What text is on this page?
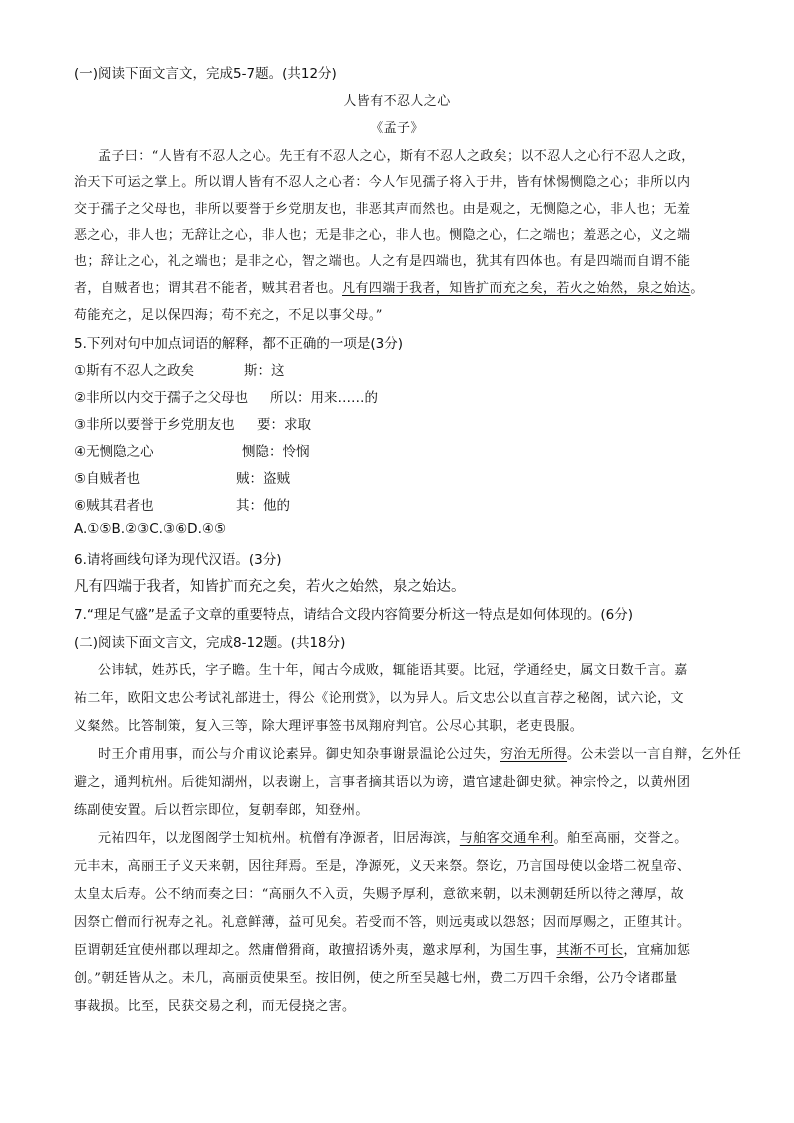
(一)阅读下面文言文，完成5-7题。(共12分)
人皆有不忍人之心
《孟子》
孟子曰：“人皆有不忍人之心。先王有不忍人之心，斯有不忍人之政矣；以不忍人之心行不忍人之政，
治天下可运之掌上。所以谓人皆有不忍人之心者：今人乍见孺子将入于井，皆有怵惕恻隐之心；非所以内
交于孺子之父母也，非所以要誉于乡党朋友也，非恶其声而然也。由是观之，无恻隐之心，非人也；无羞
恶之心，非人也；无辞让之心，非人也；无是非之心，非人也。恻隐之心，仁之端也；羞恶之心，义之端
也；辞让之心，礼之端也；是非之心，智之端也。人之有是四端也，犹其有四体也。有是四端而自谓不能
者，自贼者也；谓其君不能者，贼其君者也。凡有四端于我者，知皆扩而充之矣，若火之始然，泉之始达。
苟能充之，足以保四海；苟不充之，不足以事父母。”
5.下列对句中加点词语的解释，都不正确的一项是(3分)
①斯有不忍人之政矣	斯：这
②非所以内交于孺子之父母也 所以：用来……的
③非所以要誉于乡党朋友也 要：求取
④无恻隐之心	恻隐：怜悯
⑤自贼者也	贼：盗贼
⑥贼其君者也	其：他的
A.①⑤B.②③C.③⑥D.④⑤
6.请将画线句译为现代汉语。(3分)
凡有四端于我者，知皆扩而充之矣，若火之始然，泉之始达。
7.“理足气盛”是孟子文章的重要特点，请结合文段内容简要分析这一特点是如何体现的。(6分)
(二)阅读下面文言文，完成8-12题。(共18分)
公讳轼，姓苏氏，字子瞻。生十年，闻古今成败，辄能语其要。比冠，学通经史，属文日数千言。嘉
祐二年，欧阳文忠公考试礼部进士，得公《论刑赏》，以为异人。后文忠公以直言荐之秘阁，试六论，文
义粲然。比答制策，复入三等，除大理评事签书凤翔府判官。公尽心其职，老吏畏服。
时王介甫用事，而公与介甫议论素异。御史知杂事谢景温论公过失，穷治无所得。公未尝以一言自辩，乞外任
避之，通判杭州。后徙知湖州，以表谢上，言事者摘其语以为谤，遣官逮赴御史狱。神宗怜之，以黄州团
练副使安置。后以哲宗即位，复朝奉郎，知登州。
元祐四年，以龙图阁学士知杭州。杭僧有净源者，旧居海滨，与舶客交通牟利。舶至高丽，交誉之。
元丰末，高丽王子义天来朝，因往拜焉。至是，净源死，义天来祭。祭讫，乃言国母使以金塔二祝皇帝、
太皇太后寿。公不纳而奏之曰：“高丽久不入贡，失赐予厚利，意欲来朝，以未测朝廷所以待之薄厚，故
因祭亡僧而行祝寿之礼。礼意鲜薄，益可见矣。若受而不答，则远夷或以怨怒；因而厚赐之，正堕其计。
臣谓朝廷宜使州郡以理却之。然庸僧猾商，敢擅招诱外夷，邀求厚利，为国生事，其渐不可长，宜痛加惩
创。”朝廷皆从之。未几，高丽贡使果至。按旧例，使之所至吴越七州，费二万四千余缗，公乃令诸郡量
事裁损。比至，民获交易之利，而无侵挠之害。
